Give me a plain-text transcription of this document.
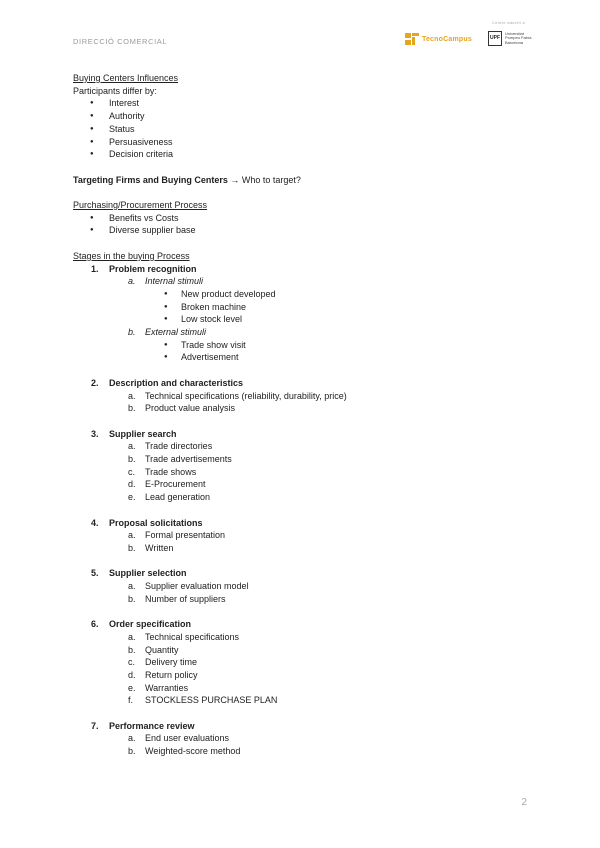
DIRECCIÓ COMERCIAL	TecnoCampus
Centre adscrit a
UPF
Universitat
Pompeu Fabra
Barcelona
Buying Centers Influences
Participants differ by:
● Interest
● Authority
● Status
● Persuasiveness
● Decision criteria
Targeting Firms and Buying Centers → Who to target?
Purchasing/Procurement Process
● Benefits vs Costs
● Diverse supplier base
Stages in the buying Process
1. Problem recognition
a. Internal stimuli
● New product developed
● Broken machine
● Low stock level
b. External stimuli
● Trade show visit
● Advertisement
2. Description and characteristics
a. Technical specifications (reliability, durability, price)
b. Product value analysis
3. Supplier search
a. Trade directories
b. Trade advertisements
c. Trade shows
d. E-Procurement
e. Lead generation
4. Proposal solicitations
a. Formal presentation
b. Written
5. Supplier selection
a. Supplier evaluation model
b. Number of suppliers
6. Order specification
a. Technical specifications
b. Quantity
c. Delivery time
d. Return policy
e. Warranties
f. STOCKLESS PURCHASE PLAN
7. Performance review
a. End user evaluations
b. Weighted-score method
2
